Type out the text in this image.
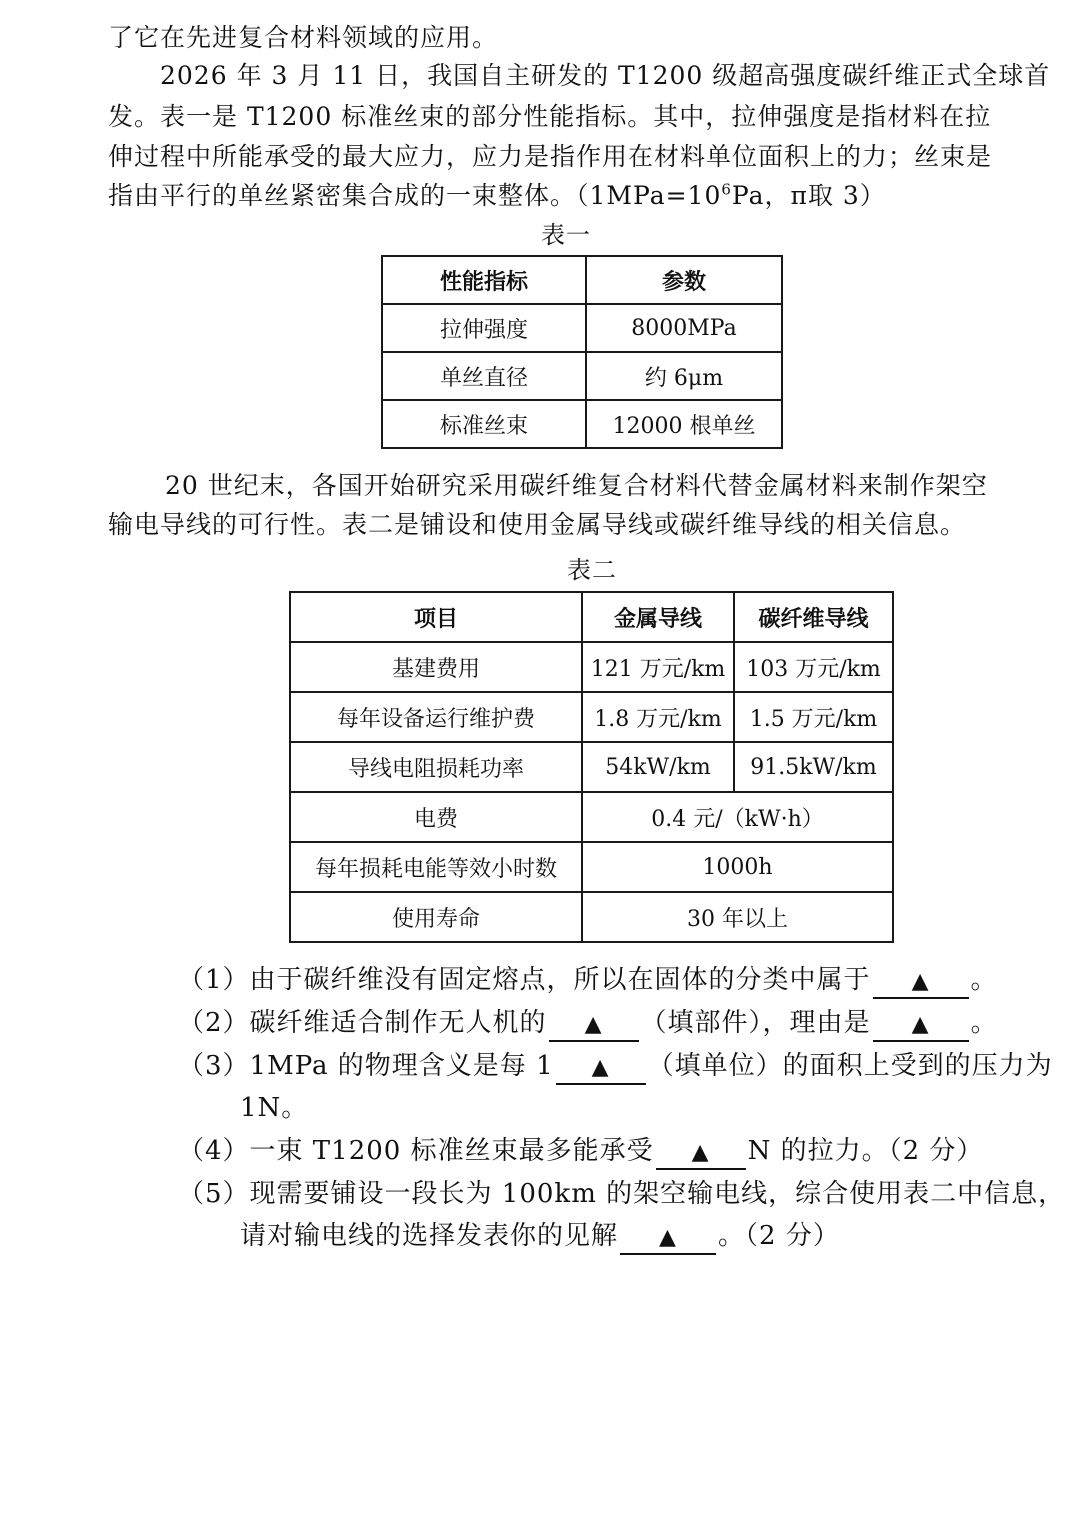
了它在先进复合材料领域的应用。
2026 年 3 月 11 日，我国自主研发的 T1200 级超高强度碳纤维正式全球首
发。表一是 T1200 标准丝束的部分性能指标。其中，拉伸强度是指材料在拉
伸过程中所能承受的最大应力，应力是指作用在材料单位面积上的力；丝束是
指由平行的单丝紧密集合成的一束整体。（$1MPa=10^6Pa$，π取 3）
表一
性能指标	参数
拉伸强度	8000MPa
单丝直径	约 6μm
标准丝束	12000 根单丝
20 世纪末，各国开始研究采用碳纤维复合材料代替金属材料来制作架空
输电导线的可行性。表二是铺设和使用金属导线或碳纤维导线的相关信息。
表二
项目	金属导线	碳纤维导线
基建费用	121 万元/km	103 万元/km
每年设备运行维护费	1.8 万元/km	1.5 万元/km
导线电阻损耗功率	54kW/km	91.5kW/km
电费	0.4 元/（kW·h）	
每年损耗电能等效小时数	1000h	
使用寿命	30 年以上	
（1）由于碳纤维没有固定熔点，所以在固体的分类中属于 ▲ 。
（2）碳纤维适合制作无人机的 ▲ （填部件），理由是 ▲ 。
（3）1MPa 的物理含义是每 1 ▲ （填单位）的面积上受到的压力为
1N。
（4）一束 T1200 标准丝束最多能承受 ▲ N 的拉力。（2 分）
（5）现需要铺设一段长为 100km 的架空输电线，综合使用表二中信息，
请对输电线的选择发表你的见解 ▲ 。（2 分）
